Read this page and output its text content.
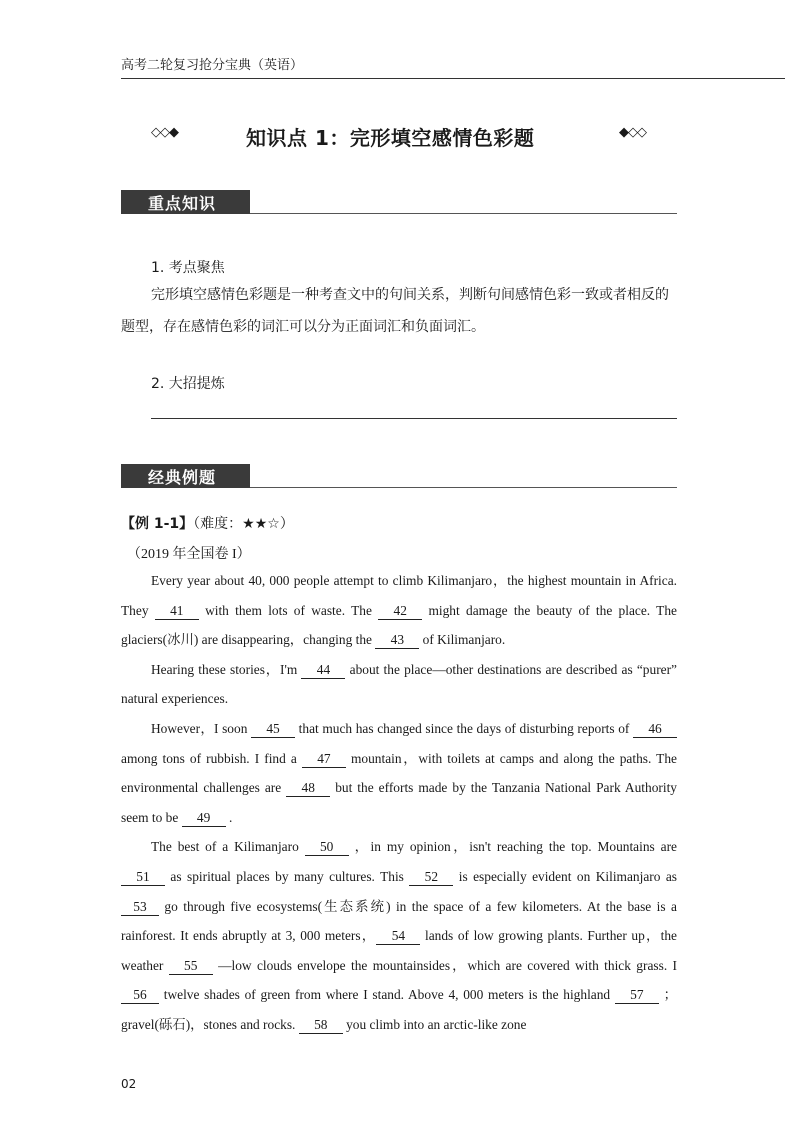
高考二轮复习抢分宝典（英语）
◇◇◆	知识点 1：完形填空感情色彩题	◆◇◇
重点知识
1. 考点聚焦
完形填空感情色彩题是一种考查文中的句间关系，判断句间感情色彩一致或者相反的题型，存在感情色彩的词汇可以分为正面词汇和负面词汇。
2. 大招提炼
经典例题
【例 1-1】（难度：★★☆）
（2019 年全国卷 I）

Every year about 40, 000 people attempt to climb Kilimanjaro，the highest mountain in Africa. They 41 with them lots of waste. The 42 might damage the beauty of the place. The glaciers(冰川) are disappearing，changing the 43 of Kilimanjaro.

Hearing these stories，I'm 44 about the place—other destinations are described as “purer” natural experiences.

However，I soon 45 that much has changed since the days of disturbing reports of 46 among tons of rubbish. I find a 47 mountain，with toilets at camps and along the paths. The environmental challenges are 48 but the efforts made by the Tanzania National Park Authority seem to be 49 .

The best of a Kilimanjaro 50 ，in my opinion，isn't reaching the top. Mountains are 51 as spiritual places by many cultures. This 52 is especially evident on Kilimanjaro as 53 go through five ecosystems(生态系统) in the space of a few kilometers. At the base is a rainforest. It ends abruptly at 3, 000 meters， 54 lands of low growing plants. Further up，the weather 55 —low clouds envelope the mountainsides，which are covered with thick grass. I 56 twelve shades of green from where I stand. Above 4, 000 meters is the highland 57 ；gravel(砾石)，stones and rocks. 58 you climb into an arctic-like zone

02
